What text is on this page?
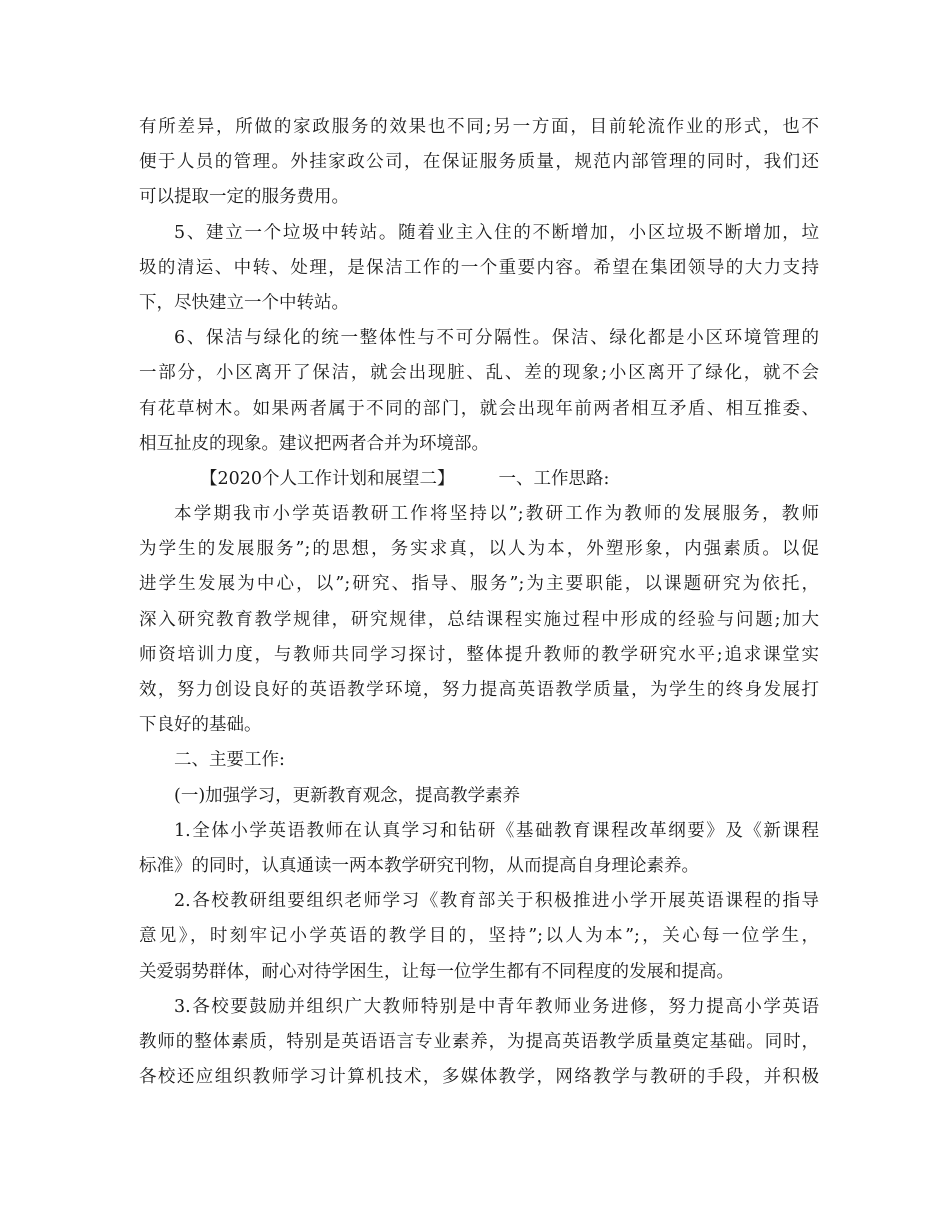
有所差异，所做的家政服务的效果也不同;另一方面，目前轮流作业的形式，也不
便于人员的管理。外挂家政公司，在保证服务质量，规范内部管理的同时，我们还
可以提取一定的服务费用。
5、建立一个垃圾中转站。随着业主入住的不断增加，小区垃圾不断增加，垃
圾的清运、中转、处理，是保洁工作的一个重要内容。希望在集团领导的大力支持
下，尽快建立一个中转站。
6、保洁与绿化的统一整体性与不可分隔性。保洁、绿化都是小区环境管理的
一部分，小区离开了保洁，就会出现脏、乱、差的现象;小区离开了绿化，就不会
有花草树木。如果两者属于不同的部门，就会出现年前两者相互矛盾、相互推委、
相互扯皮的现象。建议把两者合并为环境部。
【2020个人工作计划和展望二】	一、工作思路:
本学期我市小学英语教研工作将坚持以”;教研工作为教师的发展服务，教师
为学生的发展服务”;的思想，务实求真，以人为本，外塑形象，内强素质。以促
进学生发展为中心，以”;研究、指导、服务”;为主要职能，以课题研究为依托，
深入研究教育教学规律，研究规律，总结课程实施过程中形成的经验与问题;加大
师资培训力度，与教师共同学习探讨，整体提升教师的教学研究水平;追求课堂实
效，努力创设良好的英语教学环境，努力提高英语教学质量，为学生的终身发展打
下良好的基础。
二、主要工作:
(一)加强学习，更新教育观念，提高教学素养
1.全体小学英语教师在认真学习和钻研《基础教育课程改革纲要》及《新课程
标准》的同时，认真通读一两本教学研究刊物，从而提高自身理论素养。
2.各校教研组要组织老师学习《教育部关于积极推进小学开展英语课程的指导
意见》，时刻牢记小学英语的教学目的，坚持”;以人为本”;，关心每一位学生，
关爱弱势群体，耐心对待学困生，让每一位学生都有不同程度的发展和提高。
3.各校要鼓励并组织广大教师特别是中青年教师业务进修，努力提高小学英语
教师的整体素质，特别是英语语言专业素养，为提高英语教学质量奠定基础。同时，
各校还应组织教师学习计算机技术，多媒体教学，网络教学与教研的手段，并积极
